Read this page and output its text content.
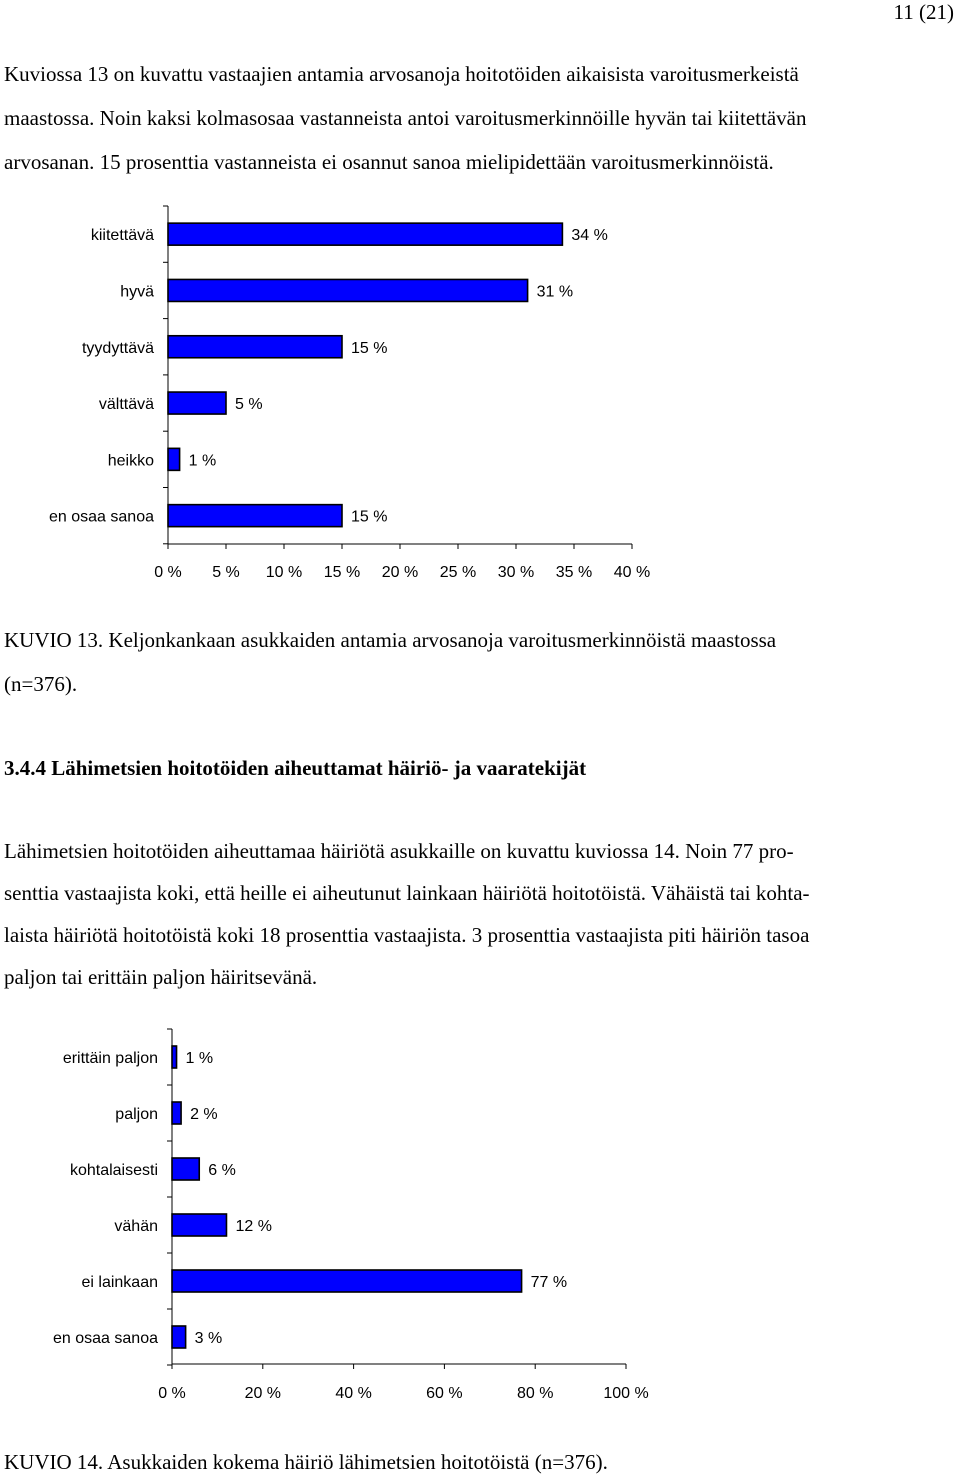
11 (21)

Kuviossa 13 on kuvattu vastaajien antamia arvosanoja hoitotöiden aikaisista varoitusmerkeistä
maastossa. Noin kaksi kolmasosaa vastanneista antoi varoitusmerkinnöille hyvän tai kiitettävän
arvosanan. 15 prosenttia vastanneista ei osannut sanoa mielipidettään varoitusmerkinnöistä.

0 % 5 % 10 % 15 % 20 % 25 % 30 % 35 % 40 %
kiitettävä	34 %
hyvä	31 %
tyydyttävä	15 %
välttävä	5 %
heikko 1 %
en osaa sanoa	15 %

KUVIO 13. Keljonkankaan asukkaiden antamia arvosanoja varoitusmerkinnöistä maastossa
(n=376).

3.4.4 Lähimetsien hoitotöiden aiheuttamat häiriö- ja vaaratekijät

Lähimetsien hoitotöiden aiheuttamaa häiriötä asukkaille on kuvattu kuviossa 14. Noin 77 pro-
senttia vastaajista koki, että heille ei aiheutunut lainkaan häiriötä hoitotöistä. Vähäistä tai kohta-
laista häiriötä hoitotöistä koki 18 prosenttia vastaajista. 3 prosenttia vastaajista piti häiriön tasoa
paljon tai erittäin paljon häiritsevänä.

0 %	20 %	40 %	60 %	80 %	100 %
erittäin paljon 1 %
paljon 2 %
kohtalaisesti	6 %
vähän	12 %
ei lainkaan	77 %
en osaa sanoa 3 %

KUVIO 14. Asukkaiden kokema häiriö lähimetsien hoitotöistä (n=376).
